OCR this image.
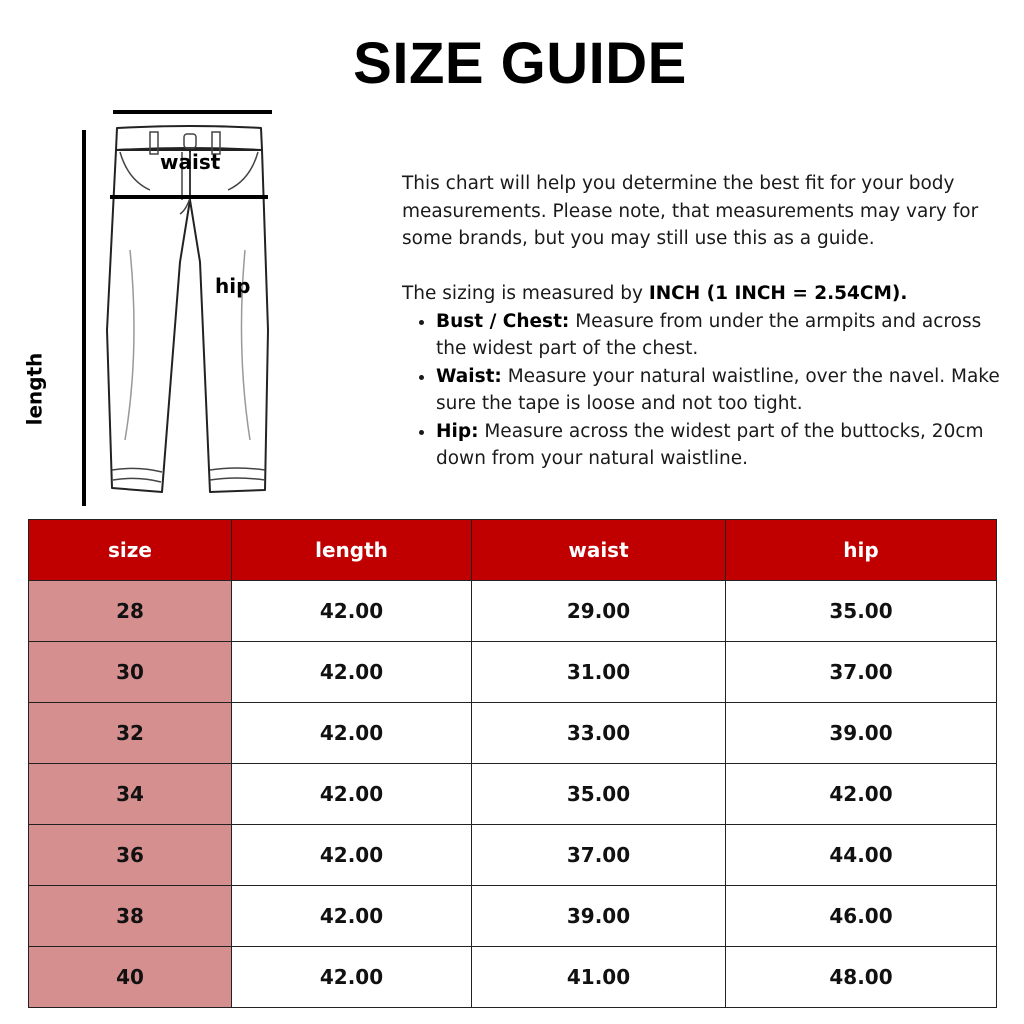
SIZE GUIDE
waist
hip
length

This chart will help you determine the best fit for your body measurements. Please note, that measurements may vary for some brands, but you may still use this as a guide.

The sizing is measured by INCH (1 INCH = 2.54CM).

• Bust / Chest: Measure from under the armpits and across the widest part of the chest.
• Waist: Measure your natural waistline, over the navel. Make sure the tape is loose and not too tight.
• Hip: Measure across the widest part of the buttocks, 20cm down from your natural waistline.
size	length	waist	hip
28	42.00	29.00	35.00
30	42.00	31.00	37.00
32	42.00	33.00	39.00
34	42.00	35.00	42.00
36	42.00	37.00	44.00
38	42.00	39.00	46.00
40	42.00	41.00	48.00
